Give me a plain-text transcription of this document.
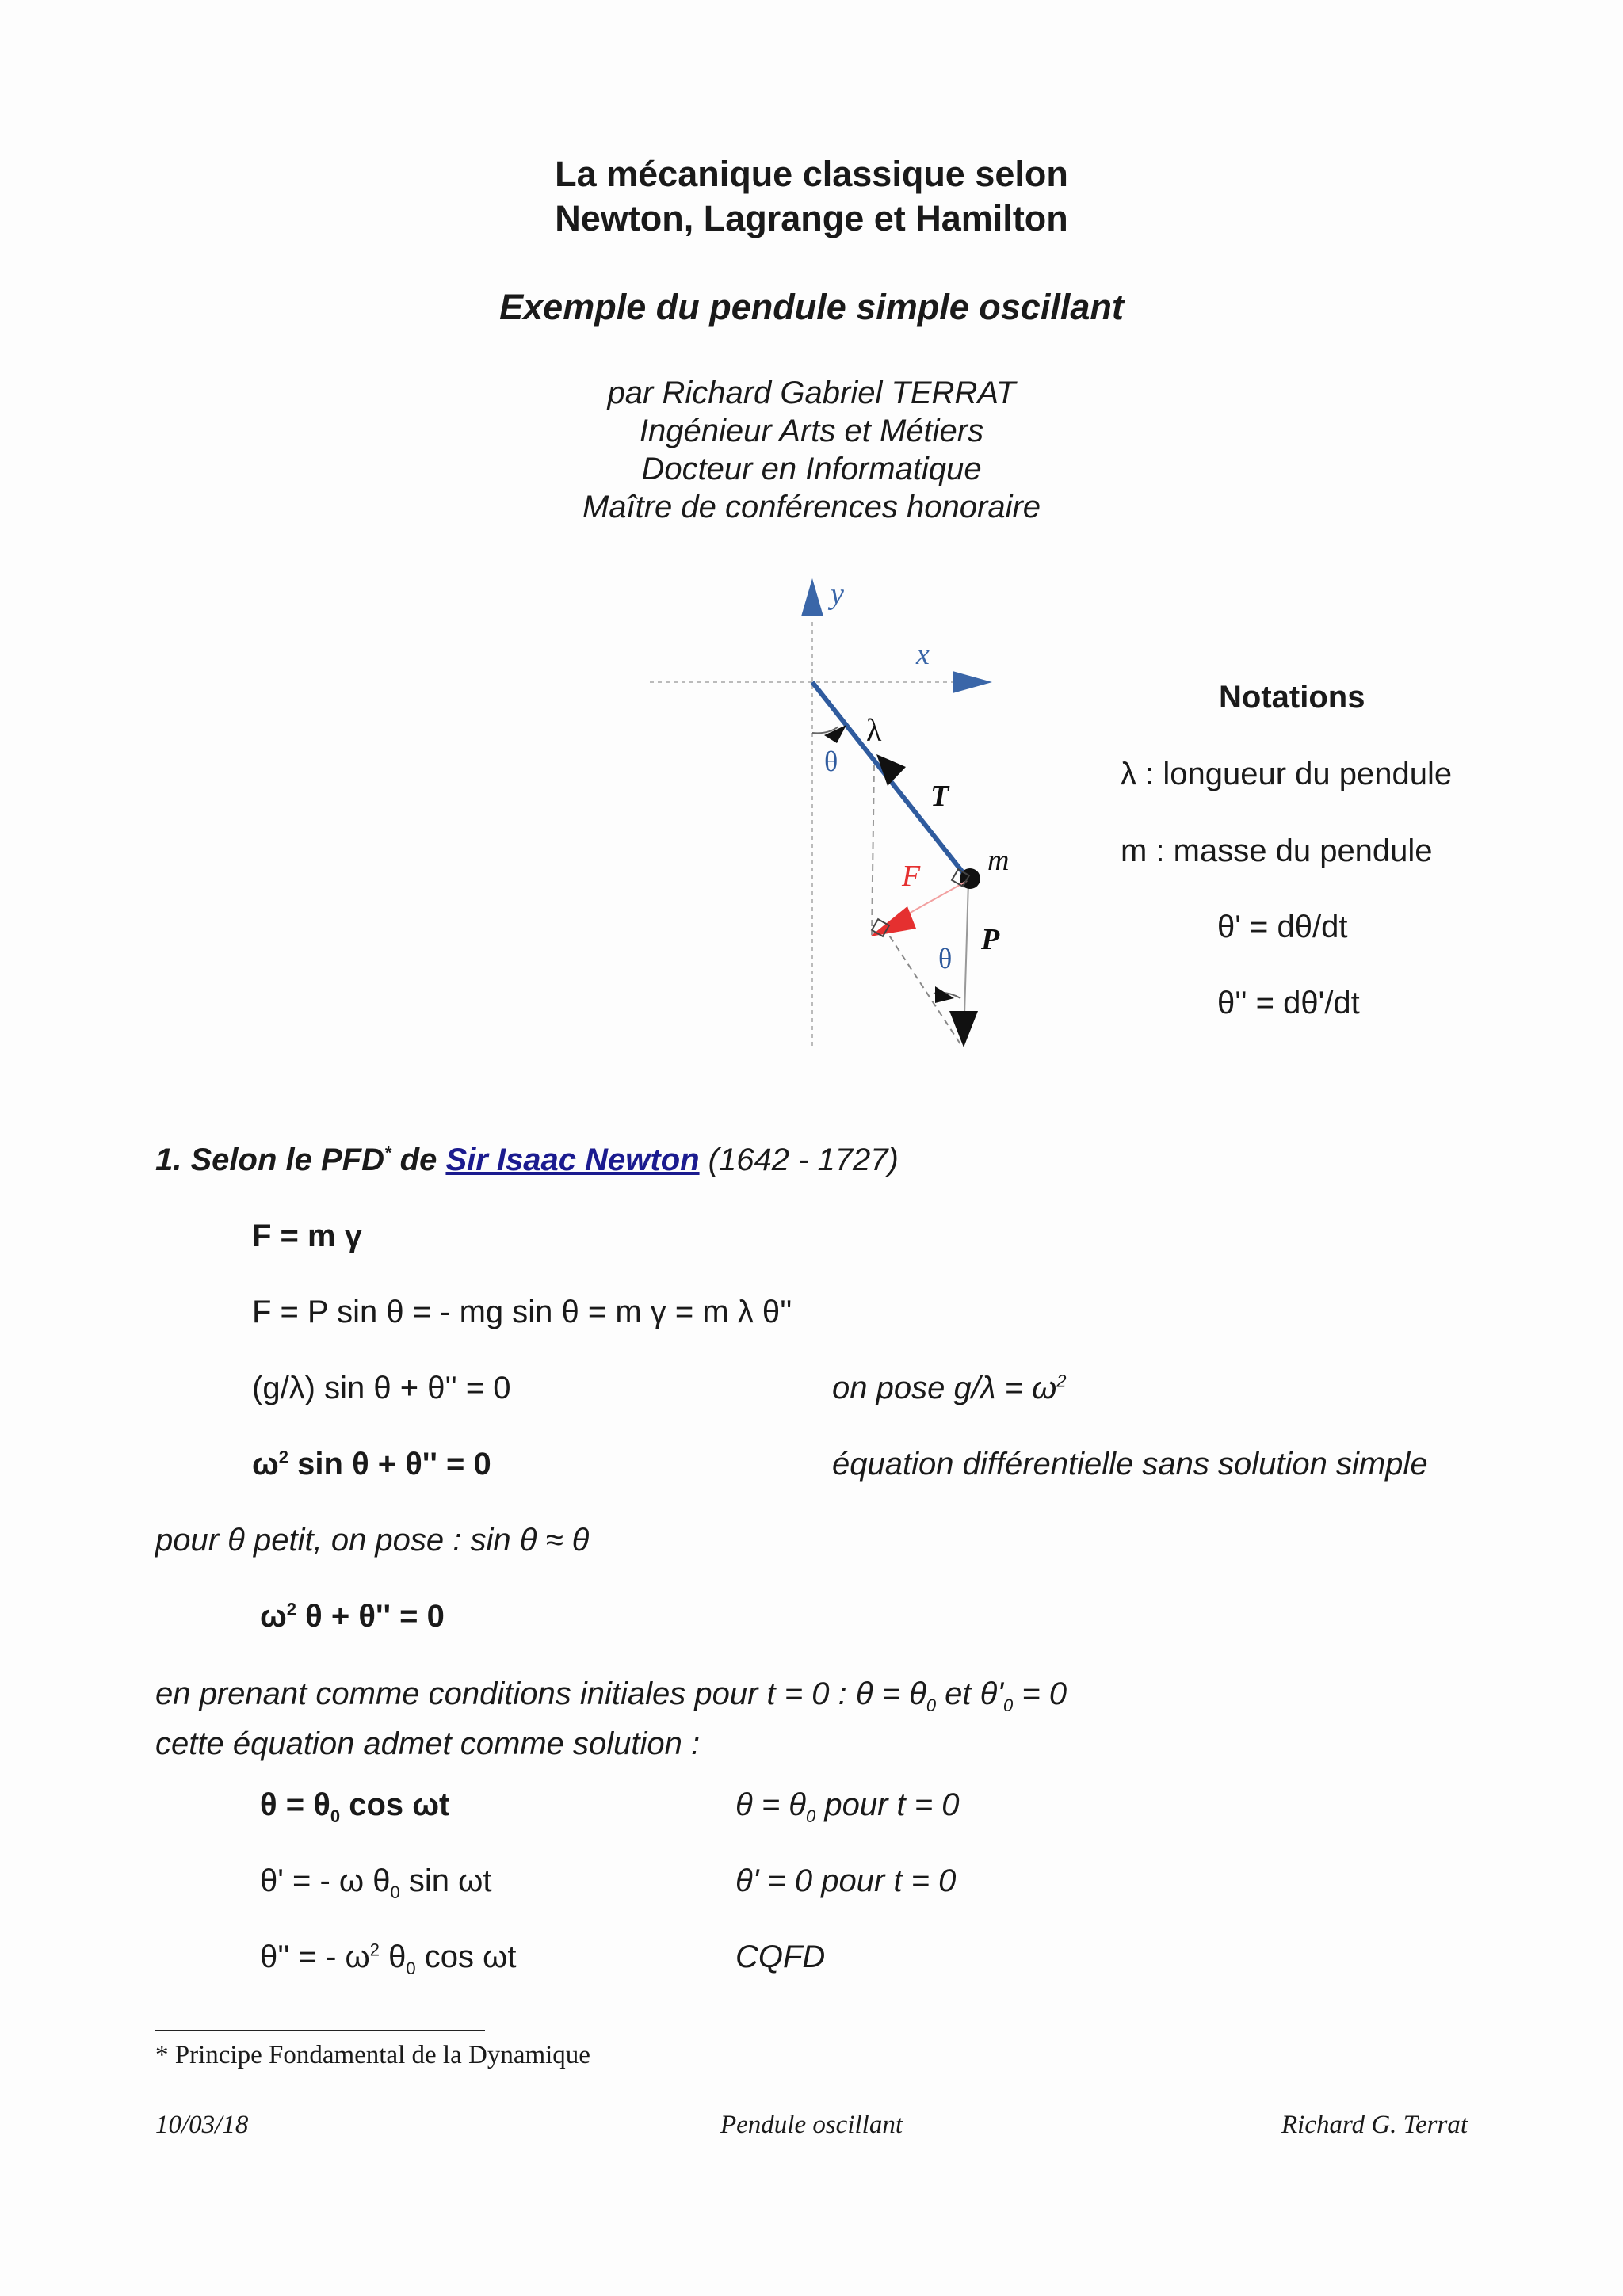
La mécanique classique selon
Newton, Lagrange et Hamilton
Exemple du pendule simple oscillant
par Richard Gabriel TERRAT
Ingénieur Arts et Métiers
Docteur en Informatique
Maître de conférences honoraire
y
x
θ
λ
T
m
F
θ
P
Notations
λ : longueur du pendule
m : masse du pendule
θ' = dθ/dt
θ'' = dθ'/dt
1. Selon le PFD* de Sir Isaac Newton (1642 - 1727)
F = m γ
F = P sin θ = - mg sin θ = m γ = m λ θ''
(g/λ) sin θ + θ'' = 0	on pose $g/\lambda = \omega^2$
$\omega^2$ sin θ + θ'' = 0	équation différentielle sans solution simple
pour θ petit, on pose : sin θ ≈ θ
$\omega^2$ θ + θ'' = 0
en prenant comme conditions initiales pour t = 0 : $\theta = \theta_0$ et $\theta'_0 = 0$
cette équation admet comme solution :
$\theta = \theta_0$ cos ωt	$\theta = \theta_0$ pour t = 0
θ' = - ω $\theta_0$ sin ωt	θ' = 0 pour t = 0
θ'' = - $\omega^2$ $\theta_0$ cos ωt	CQFD
* Principe Fondamental de la Dynamique
10/03/18	Pendule oscillant	Richard G. Terrat
